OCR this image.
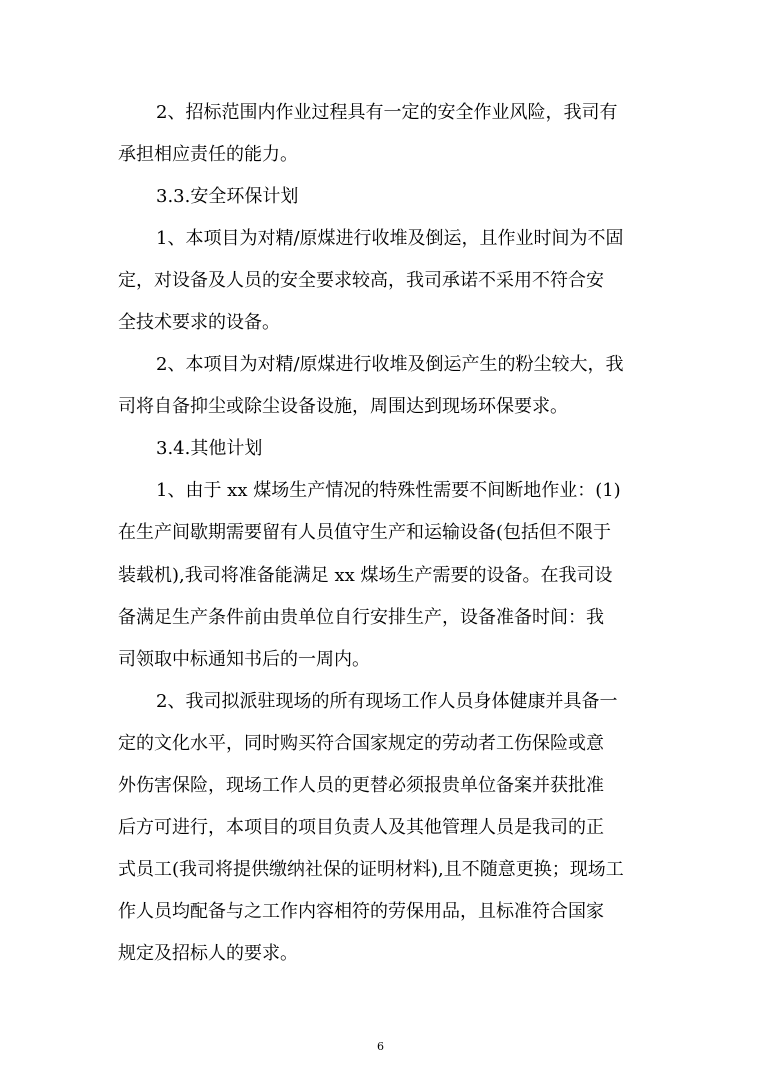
2、招标范围内作业过程具有一定的安全作业风险，我司有
承担相应责任的能力。
3.3.安全环保计划
1、本项目为对精/原煤进行收堆及倒运，且作业时间为不固
定，对设备及人员的安全要求较高，我司承诺不采用不符合安
全技术要求的设备。
2、本项目为对精/原煤进行收堆及倒运产生的粉尘较大，我
司将自备抑尘或除尘设备设施，周围达到现场环保要求。
3.4.其他计划
1、由于 xx 煤场生产情况的特殊性需要不间断地作业：(1)
在生产间歇期需要留有人员值守生产和运输设备(包括但不限于
装载机),我司将准备能满足 xx 煤场生产需要的设备。在我司设
备满足生产条件前由贵单位自行安排生产，设备准备时间：我
司领取中标通知书后的一周内。
2、我司拟派驻现场的所有现场工作人员身体健康并具备一
定的文化水平，同时购买符合国家规定的劳动者工伤保险或意
外伤害保险，现场工作人员的更替必须报贵单位备案并获批准
后方可进行，本项目的项目负责人及其他管理人员是我司的正
式员工(我司将提供缴纳社保的证明材料),且不随意更换；现场工
作人员均配备与之工作内容相符的劳保用品，且标准符合国家
规定及招标人的要求。
6
